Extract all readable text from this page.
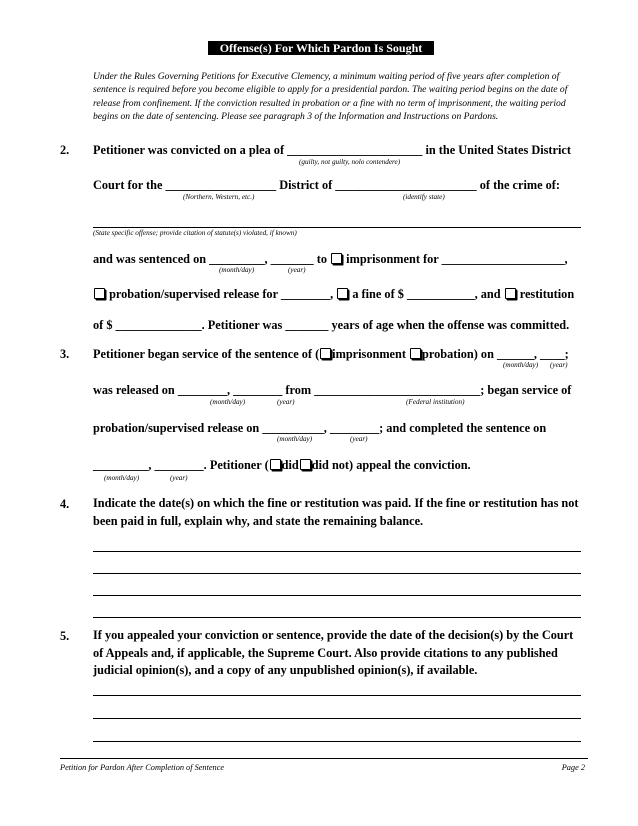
Offense(s) For Which Pardon Is Sought
Under the Rules Governing Petitions for Executive Clemency, a minimum waiting period of five years after completion of sentence is required before you become eligible to apply for a presidential pardon. The waiting period begins on the date of release from confinement. If the conviction resulted in probation or a fine with no term of imprisonment, the waiting period begins on the date of sentencing. Please see paragraph 3 of the Information and Instructions on Pardons.
2. Petitioner was convicted on a plea of ______________________ in the United States District
(guilty, not guilty, nolo contendere)
Court for the __________________ District of _______________________ of the crime of:
(Northern, Western, etc.)	(identify state)
(State specific offense; provide citation of statute(s) violated, if known)
and was sentenced on _________, _______ to imprisonment for ____________________,
(month/day)	(year)
probation/supervised release for ________, a fine of $ ___________, and restitution
of $ ______________. Petitioner was _______ years of age when the offense was committed.
3. Petitioner began service of the sentence of ( imprisonment probation) on ______, ____;
(month/day) (year)
was released on ________, ________ from ___________________________; began service of
(month/day)	(year)	(Federal institution)
probation/supervised release on __________, ________; and completed the sentence on
(month/day)	(year)
_________, ________. Petitioner ( did did not) appeal the conviction.
(month/day)	(year)
4. Indicate the date(s) on which the fine or restitution was paid. If the fine or restitution has not been paid in full, explain why, and state the remaining balance.
5. If you appealed your conviction or sentence, provide the date of the decision(s) by the Court of Appeals and, if applicable, the Supreme Court. Also provide citations to any published judicial opinion(s), and a copy of any unpublished opinion(s), if available.
Petition for Pardon After Completion of Sentence	Page 2
